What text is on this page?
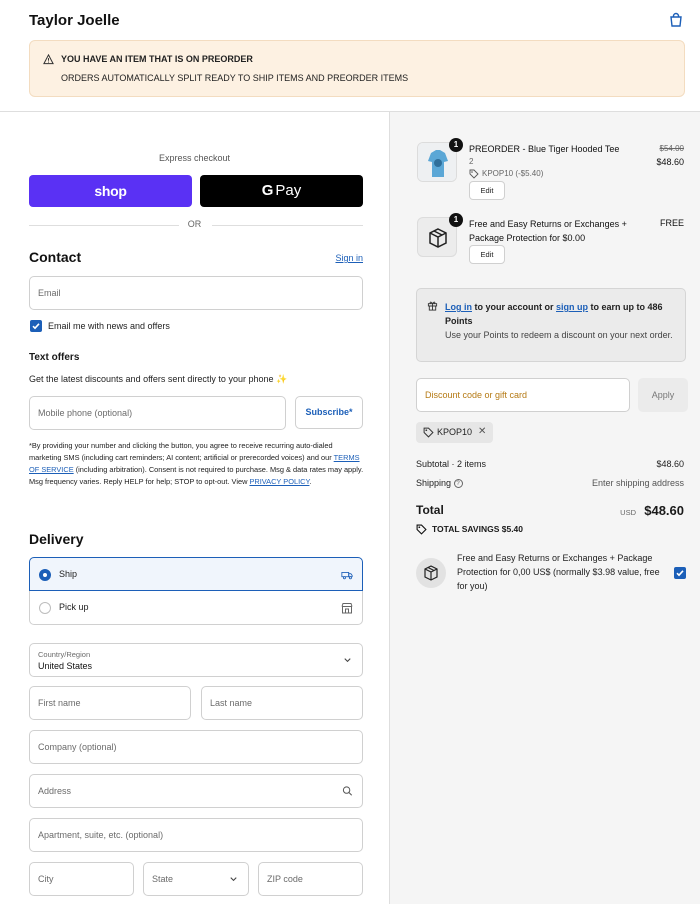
Taylor Joelle
YOU HAVE AN ITEM THAT IS ON PREORDER
ORDERS AUTOMATICALLY SPLIT READY TO SHIP ITEMS AND PREORDER ITEMS
Express checkout
shop	G Pay
OR
Contact	Sign in
Email
Email me with news and offers
Text offers
Get the latest discounts and offers sent directly to your phone ✨
Mobile phone (optional)	Subscribe*
*By providing your number and clicking the button, you agree to receive recurring auto-dialed marketing SMS (including cart reminders; AI content; artificial or prerecorded voices) and our TERMS OF SERVICE (including arbitration). Consent is not required to purchase. Msg & data rates may apply. Msg frequency varies. Reply HELP for help; STOP to opt-out. View PRIVACY POLICY.
Delivery
Ship
Pick up
Country/Region
United States
First name	Last name
Company (optional)
Address
Apartment, suite, etc. (optional)
City	State	ZIP code
1	PREORDER - Blue Tiger Hooded Tee
2
KPOP10 (-$5.40)
Edit
$54.00
$48.60
1	Free and Easy Returns or Exchanges + Package Protection for $0.00
Edit
FREE
Log in to your account or sign up to earn up to 486 Points
Use your Points to redeem a discount on your next order.
Discount code or gift card	Apply
KPOP10 ✕
Subtotal · 2 items	$48.60
Shipping ?	Enter shipping address
Total	USD $48.60
TOTAL SAVINGS $5.40
Free and Easy Returns or Exchanges + Package Protection for 0,00 US$ (normally $3.98 value, free for you)
